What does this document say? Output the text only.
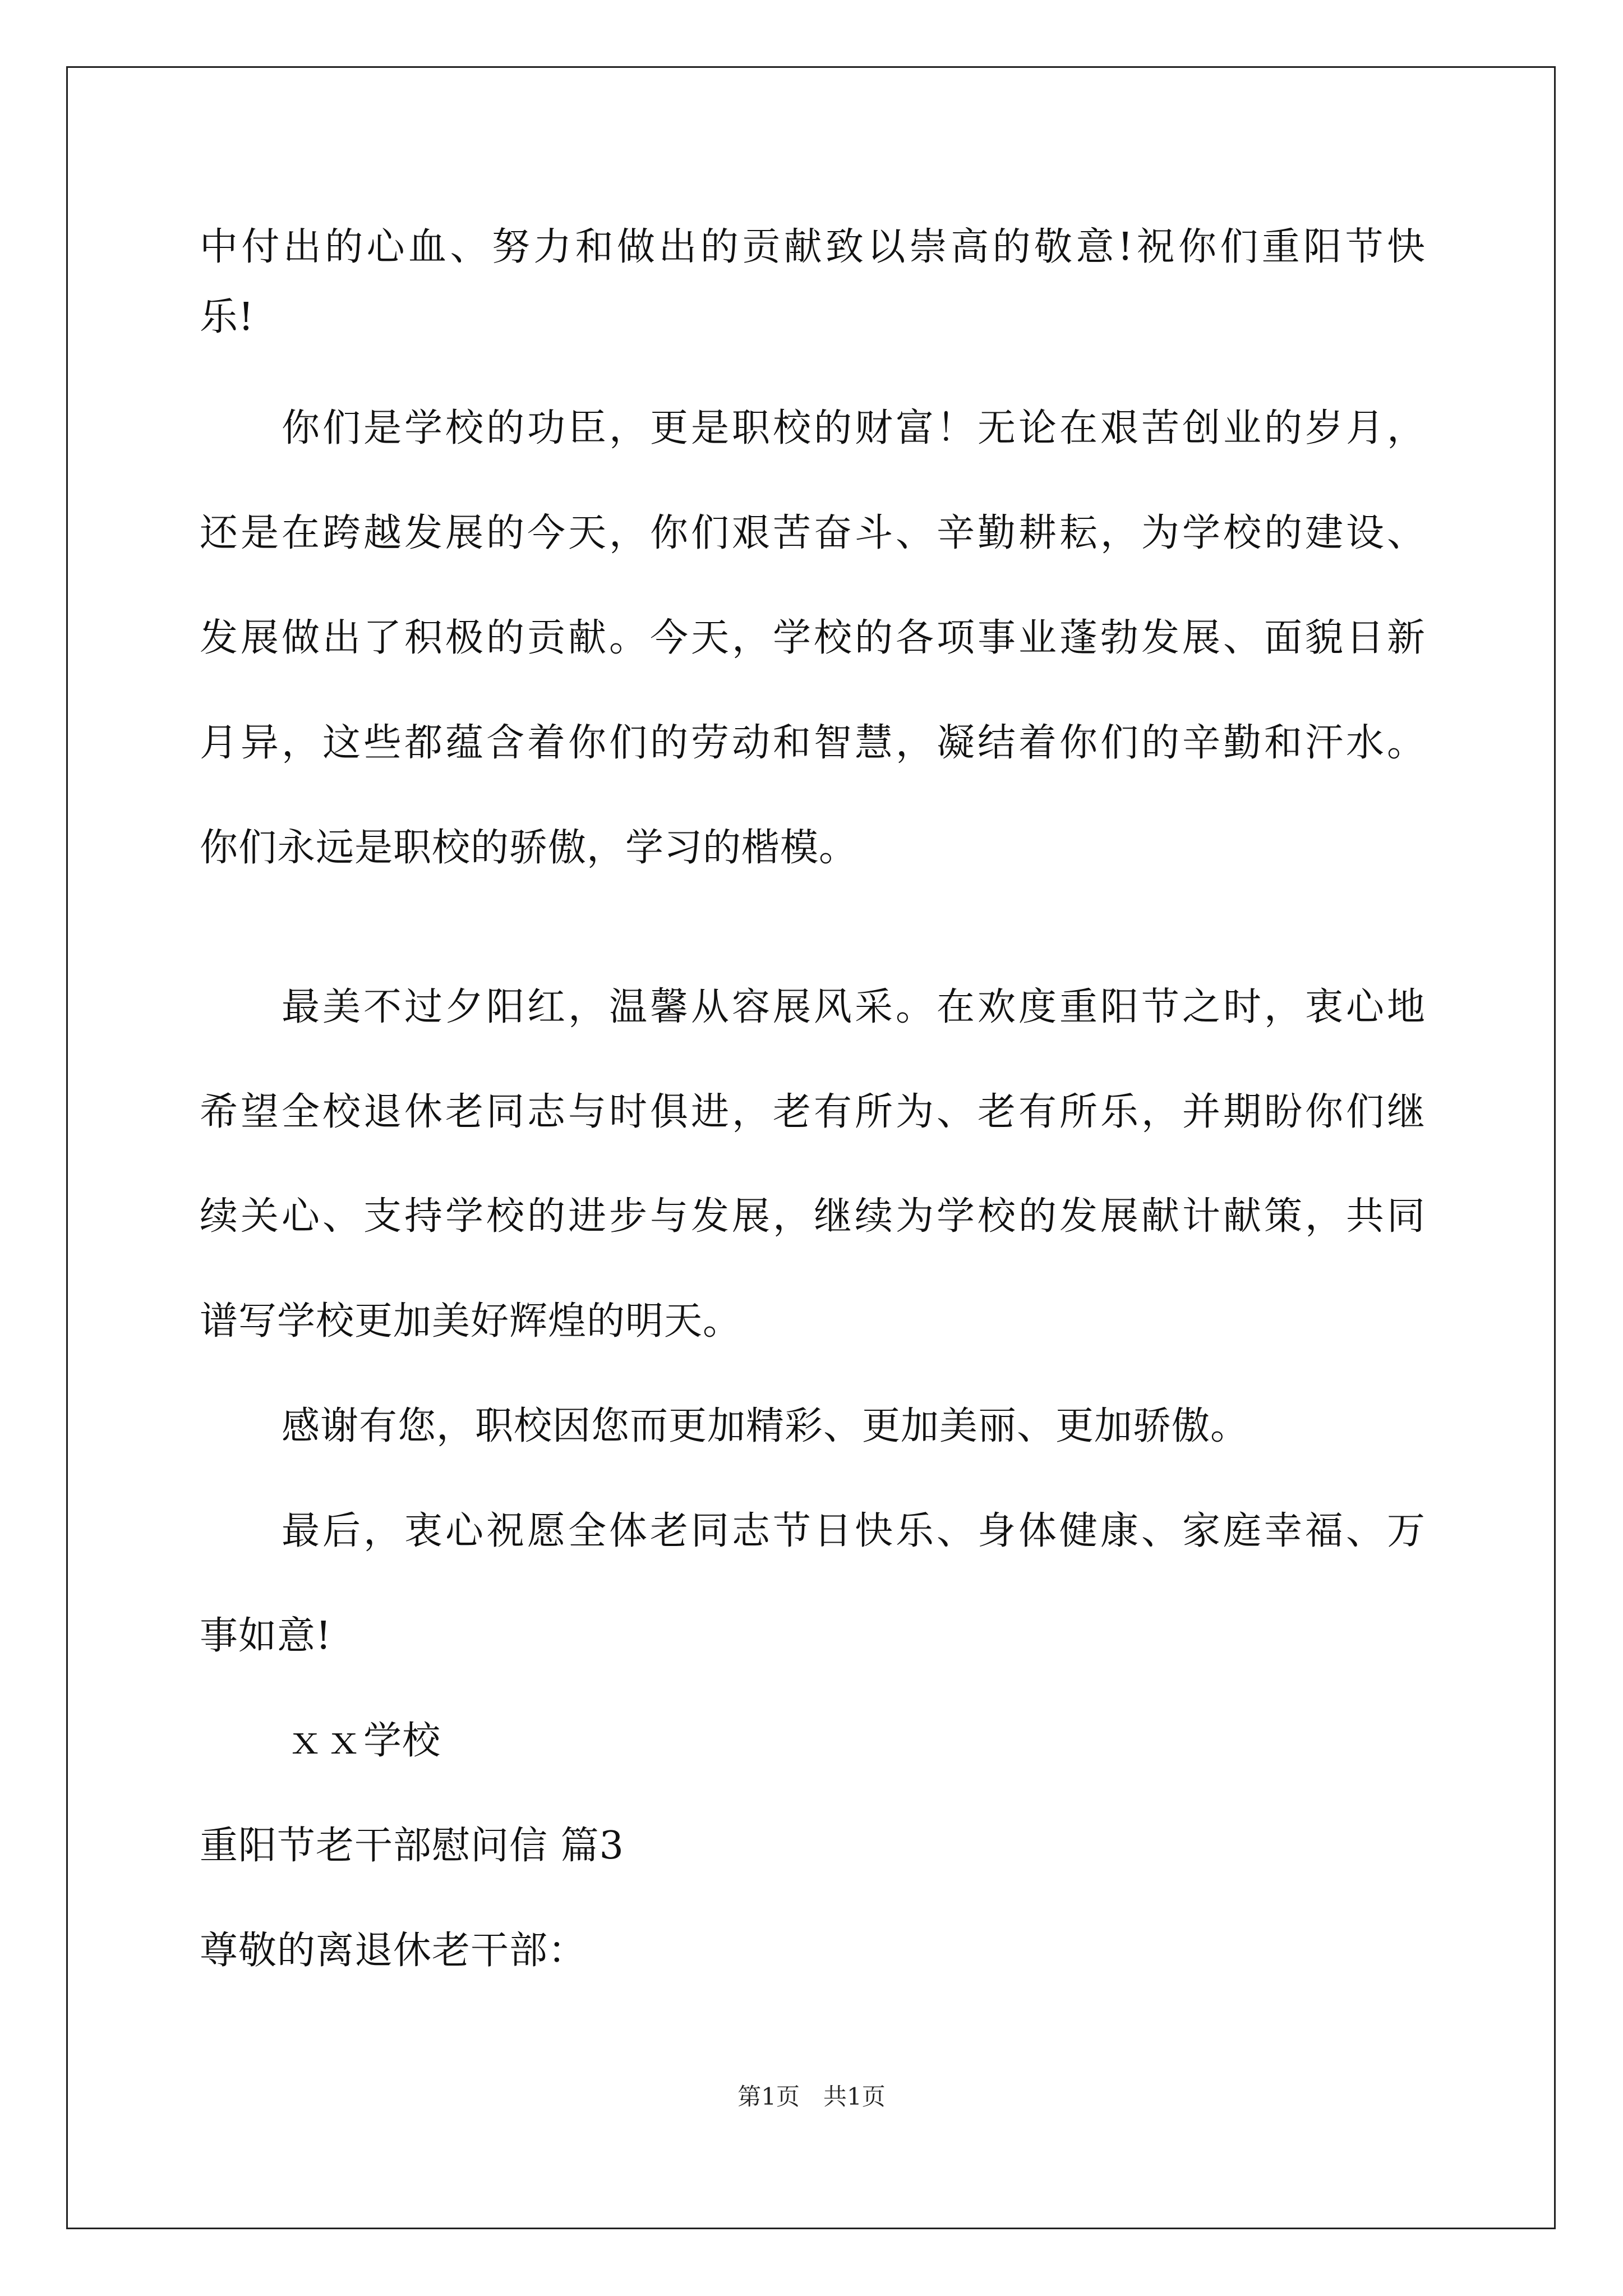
中付出的心血、努力和做出的贡献致以崇高的敬意!祝你们重阳节快
乐!
你们是学校的功臣，更是职校的财富！无论在艰苦创业的岁月，
还是在跨越发展的今天，你们艰苦奋斗、辛勤耕耘，为学校的建设、
发展做出了积极的贡献。今天，学校的各项事业蓬勃发展、面貌日新
月异，这些都蕴含着你们的劳动和智慧，凝结着你们的辛勤和汗水。
你们永远是职校的骄傲，学习的楷模。
最美不过夕阳红，温馨从容展风采。在欢度重阳节之时，衷心地
希望全校退休老同志与时俱进，老有所为、老有所乐，并期盼你们继
续关心、支持学校的进步与发展，继续为学校的发展献计献策，共同
谱写学校更加美好辉煌的明天。
感谢有您，职校因您而更加精彩、更加美丽、更加骄傲。
最后，衷心祝愿全体老同志节日快乐、身体健康、家庭幸福、万
事如意!
ｘｘ学校
重阳节老干部慰问信 篇3
尊敬的离退休老干部：
第1页　共1页
